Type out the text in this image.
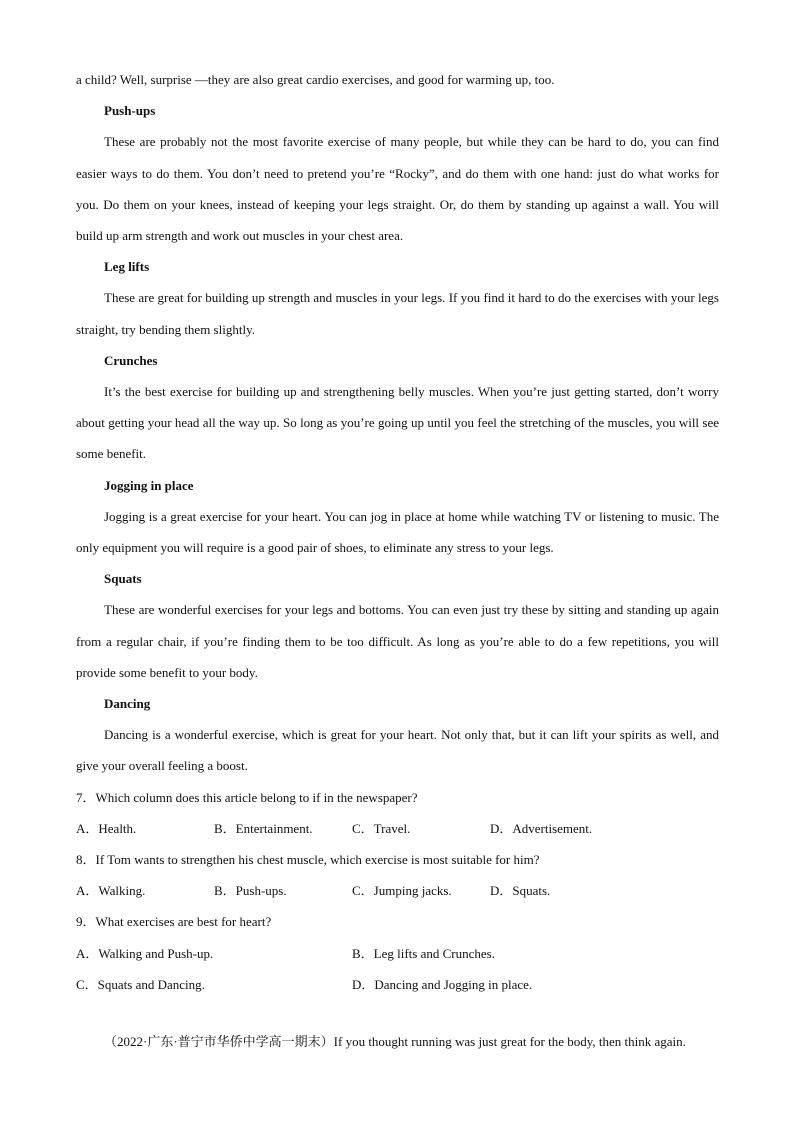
a child? Well, surprise —they are also great cardio exercises, and good for warming up, too.
Push-ups
These are probably not the most favorite exercise of many people, but while they can be hard to do, you can find easier ways to do them. You don’t need to pretend you’re “Rocky”, and do them with one hand: just do what works for you. Do them on your knees, instead of keeping your legs straight. Or, do them by standing up against a wall. You will build up arm strength and work out muscles in your chest area.
Leg lifts
These are great for building up strength and muscles in your legs. If you find it hard to do the exercises with your legs straight, try bending them slightly.
Crunches
It’s the best exercise for building up and strengthening belly muscles. When you’re just getting started, don’t worry about getting your head all the way up. So long as you’re going up until you feel the stretching of the muscles, you will see some benefit.
Jogging in place
Jogging is a great exercise for your heart. You can jog in place at home while watching TV or listening to music. The only equipment you will require is a good pair of shoes, to eliminate any stress to your legs.
Squats
These are wonderful exercises for your legs and bottoms. You can even just try these by sitting and standing up again from a regular chair, if you’re finding them to be too difficult. As long as you’re able to do a few repetitions, you will provide some benefit to your body.
Dancing
Dancing is a wonderful exercise, which is great for your heart. Not only that, but it can lift your spirits as well, and give your overall feeling a boost.
7．Which column does this article belong to if in the newspaper?
A．Health.	B．Entertainment.	C．Travel.	D．Advertisement.
8．If Tom wants to strengthen his chest muscle, which exercise is most suitable for him?
A．Walking.	B．Push-ups.	C．Jumping jacks.	D．Squats.
9．What exercises are best for heart?
A．Walking and Push-up.	B．Leg lifts and Crunches.
C．Squats and Dancing.	D．Dancing and Jogging in place.
（2022·广东·普宁市华侨中学高一期末）If you thought running was just great for the body, then think again.
